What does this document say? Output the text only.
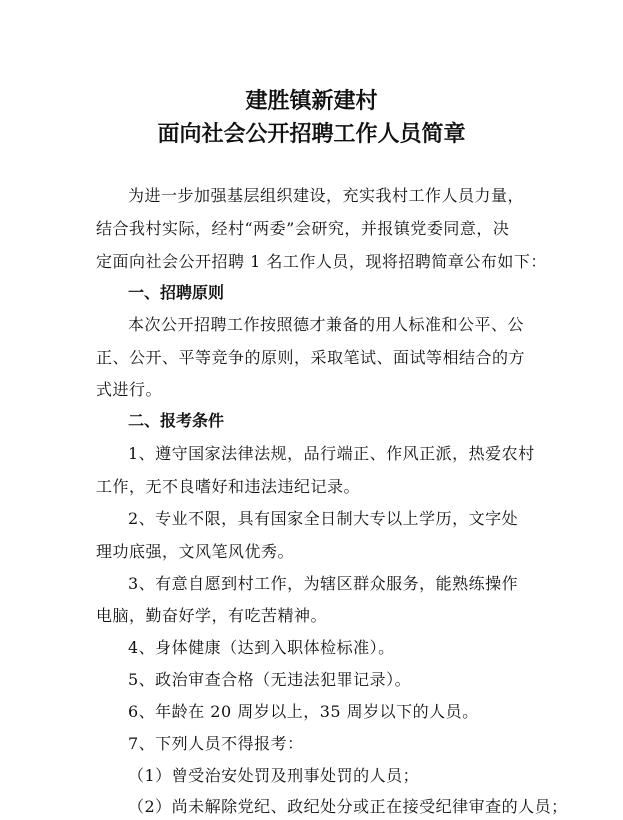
建胜镇新建村
面向社会公开招聘工作人员简章
为进一步加强基层组织建设，充实我村工作人员力量，
结合我村实际，经村“两委”会研究，并报镇党委同意，决
定面向社会公开招聘 1 名工作人员，现将招聘简章公布如下：
一、招聘原则
本次公开招聘工作按照德才兼备的用人标准和公平、公
正、公开、平等竞争的原则，采取笔试、面试等相结合的方
式进行。
二、报考条件
1、遵守国家法律法规，品行端正、作风正派，热爱农村
工作，无不良嗜好和违法违纪记录。
2、专业不限，具有国家全日制大专以上学历，文字处
理功底强，文风笔风优秀。
3、有意自愿到村工作，为辖区群众服务，能熟练操作
电脑，勤奋好学，有吃苦精神。
4、身体健康（达到入职体检标准）。
5、政治审查合格（无违法犯罪记录）。
6、年龄在 20 周岁以上，35 周岁以下的人员。
7、下列人员不得报考：
（1）曾受治安处罚及刑事处罚的人员；
（2）尚未解除党纪、政纪处分或正在接受纪律审查的人员；
